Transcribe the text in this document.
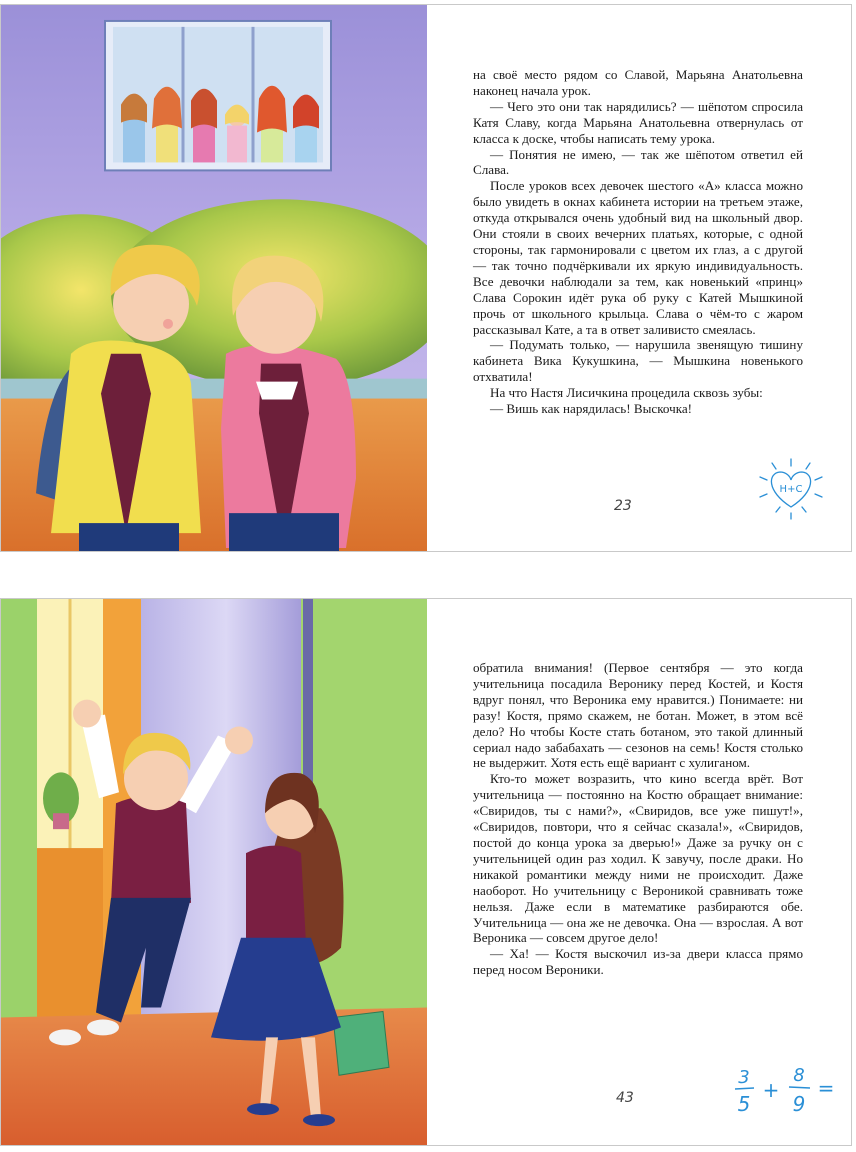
на своё место рядом со Славой, Марьяна Анатольевна наконец начала урок.

— Чего это они так нарядились? — шёпотом спросила Катя Славу, когда Марьяна Анатольевна отвернулась от класса к доске, чтобы написать тему урока.

— Понятия не имею, — так же шёпотом ответил ей Слава.

После уроков всех девочек шестого «А» класса можно было увидеть в окнах кабинета истории на третьем этаже, откуда открывался очень удобный вид на школьный двор. Они стояли в своих вечерних платьях, которые, с одной стороны, так гармонировали с цветом их глаз, а с другой — так точно подчёркивали их яркую индивидуальность. Все девочки наблюдали за тем, как новенький «принц» Слава Сорокин идёт рука об руку с Катей Мышкиной прочь от школьного крыльца. Слава о чём-то с жаром рассказывал Кате, а та в ответ заливисто смеялась.

— Подумать только, — нарушила звенящую тишину кабинета Вика Кукушкина, — Мышкина новенького отхватила!

На что Настя Лисичкина процедила сквозь зубы:

— Вишь как нарядилась! Выскочка!

23
Н+С

обратила внимания! (Первое сентября — это когда учительница посадила Веронику перед Костей, и Костя вдруг понял, что Вероника ему нравится.) Понимаете: ни разу! Костя, прямо скажем, не ботан. Может, в этом всё дело? Но чтобы Косте стать ботаном, это такой длинный сериал надо забабахать — сезонов на семь! Костя столько не выдержит. Хотя есть ещё вариант с хулиганом.

Кто-то может возразить, что кино всегда врёт. Вот учительница — постоянно на Костю обращает внимание: «Свиридов, ты с нами?», «Свиридов, все уже пишут!», «Свиридов, повтори, что я сейчас сказала!», «Свиридов, постой до конца урока за дверью!» Даже за ручку он с учительницей один раз ходил. К завучу, после драки. Но никакой романтики между ними не происходит. Даже наоборот. Но учительницу с Вероникой сравнивать тоже нельзя. Даже если в математике разбираются обе. Учительница — она же не девочка. Она — взрослая. А вот Вероника — совсем другое дело!

— Ха! — Костя выскочил из-за двери класса прямо перед носом Вероники.

43
3
5
+
8
9
=
